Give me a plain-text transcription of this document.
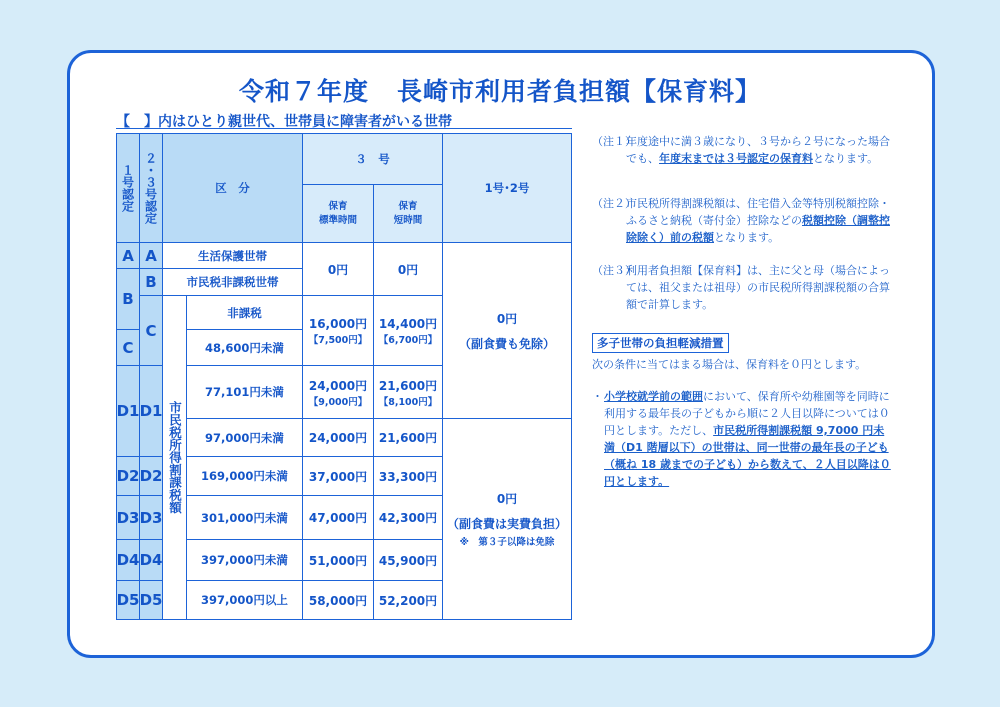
令和７年度 長崎市利用者負担額【保育料】
【　】内はひとり親世代、世帯員に障害者がいる世帯
１号認定 ２・３号認定	区　分
３　号
保育
標準時間
保育
短時間
1号･2号
A
B
C
D1
D2
D3
D4
D5
A
B
C
D1
D2
D3
D4
D5
生活保護世帯
市民税非課税世帯
市民税所得割課税額
非課税
48,600円未満
77,101円未満
97,000円未満
169,000円未満
301,000円未満
397,000円未満
397,000円以上
0円
16,000円
【7,500円】
24,000円
【9,000円】
24,000円
37,000円
47,000円
51,000円
58,000円
0円
14,400円
【6,700円】
21,600円
【8,100円】
21,600円
33,300円
42,300円
45,900円
52,200円
0円
（副食費も免除）
0円
（副食費は実費負担）
※　第３子以降は免除
（注１）
年度途中に満３歳になり、３号から２号になった場合でも、年度末までは３号認定の保育料となります。
（注２）
市民税所得割課税額は、住宅借入金等特別税額控除・ふるさと納税（寄付金）控除などの税額控除（調整控除除く）前の税額となります。
（注３）
利用者負担額【保育料】は、主に父と母（場合によっては、祖父または祖母）の市民税所得割課税額の合算額で計算します。
多子世帯の負担軽減措置
次の条件に当てはまる場合は、保育料を０円とします。
・ 小学校就学前の範囲において、保育所や幼稚園等を同時に利用する最年長の子どもから順に２人目以降については０円とします。ただし、市民税所得割課税額 9,7000 円未満（D1 階層以下）の世帯は、同一世帯の最年長の子ども（概ね 18 歳までの子ども）から数えて、２人目以降は０円とします。
